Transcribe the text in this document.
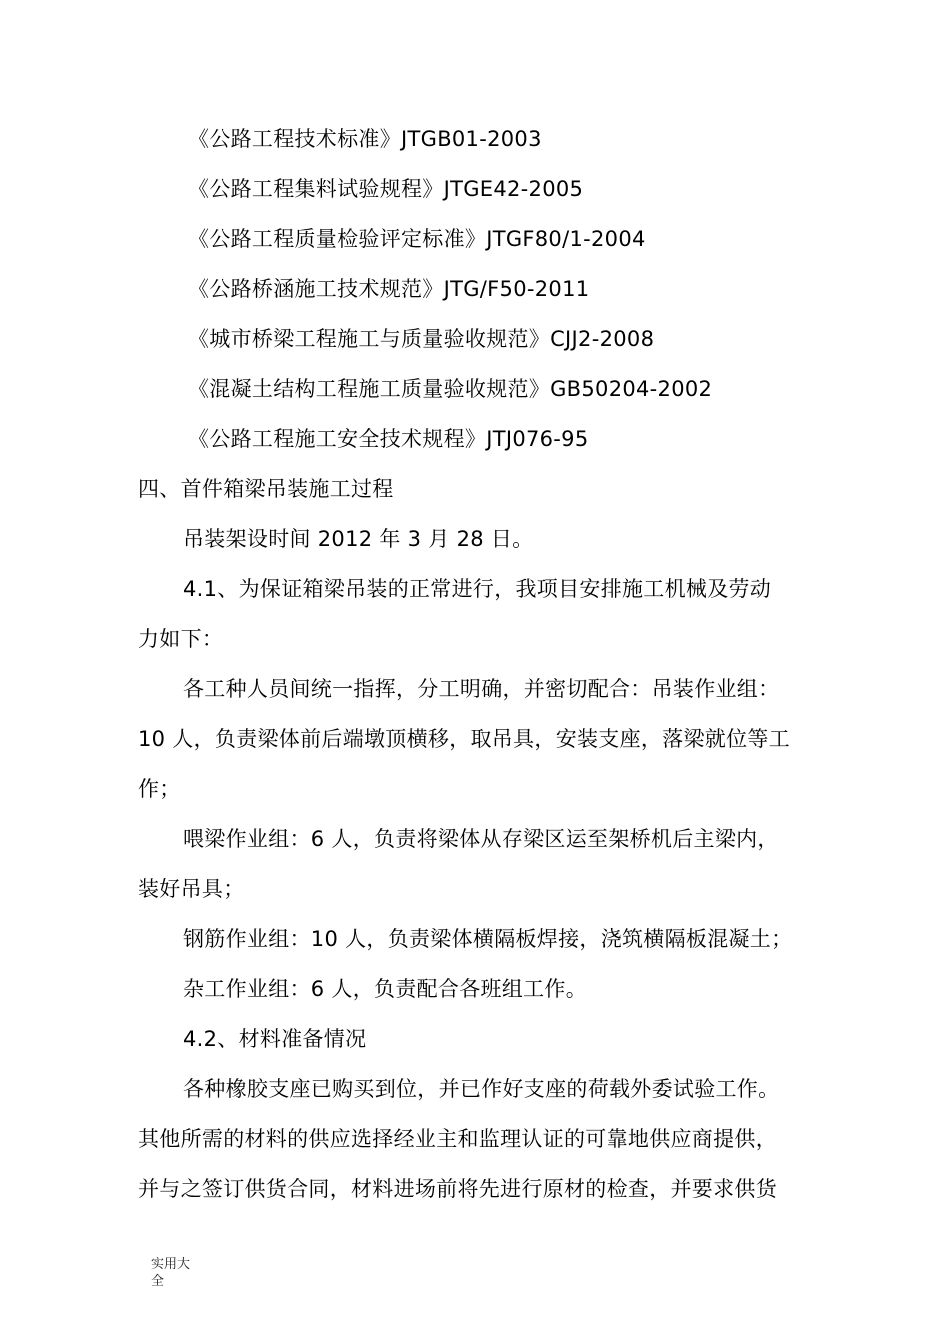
《公路工程技术标准》JTGB01-2003
《公路工程集料试验规程》JTGE42-2005
《公路工程质量检验评定标准》JTGF80/1-2004
《公路桥涵施工技术规范》JTG/F50-2011
《城市桥梁工程施工与质量验收规范》CJJ2-2008
《混凝土结构工程施工质量验收规范》GB50204-2002
《公路工程施工安全技术规程》JTJ076-95
四、首件箱梁吊装施工过程
吊装架设时间 2012 年 3 月 28 日。
4.1、为保证箱梁吊装的正常进行，我项目安排施工机械及劳动
力如下：
各工种人员间统一指挥，分工明确，并密切配合：吊装作业组：
10 人，负责梁体前后端墩顶横移，取吊具，安装支座，落梁就位等工
作；
喂梁作业组：6 人，负责将梁体从存梁区运至架桥机后主梁内，
装好吊具；
钢筋作业组：10 人，负责梁体横隔板焊接，浇筑横隔板混凝土；
杂工作业组：6 人，负责配合各班组工作。
4.2、材料准备情况
各种橡胶支座已购买到位，并已作好支座的荷载外委试验工作。
其他所需的材料的供应选择经业主和监理认证的可靠地供应商提供，
并与之签订供货合同，材料进场前将先进行原材的检查，并要求供货
实用大全
